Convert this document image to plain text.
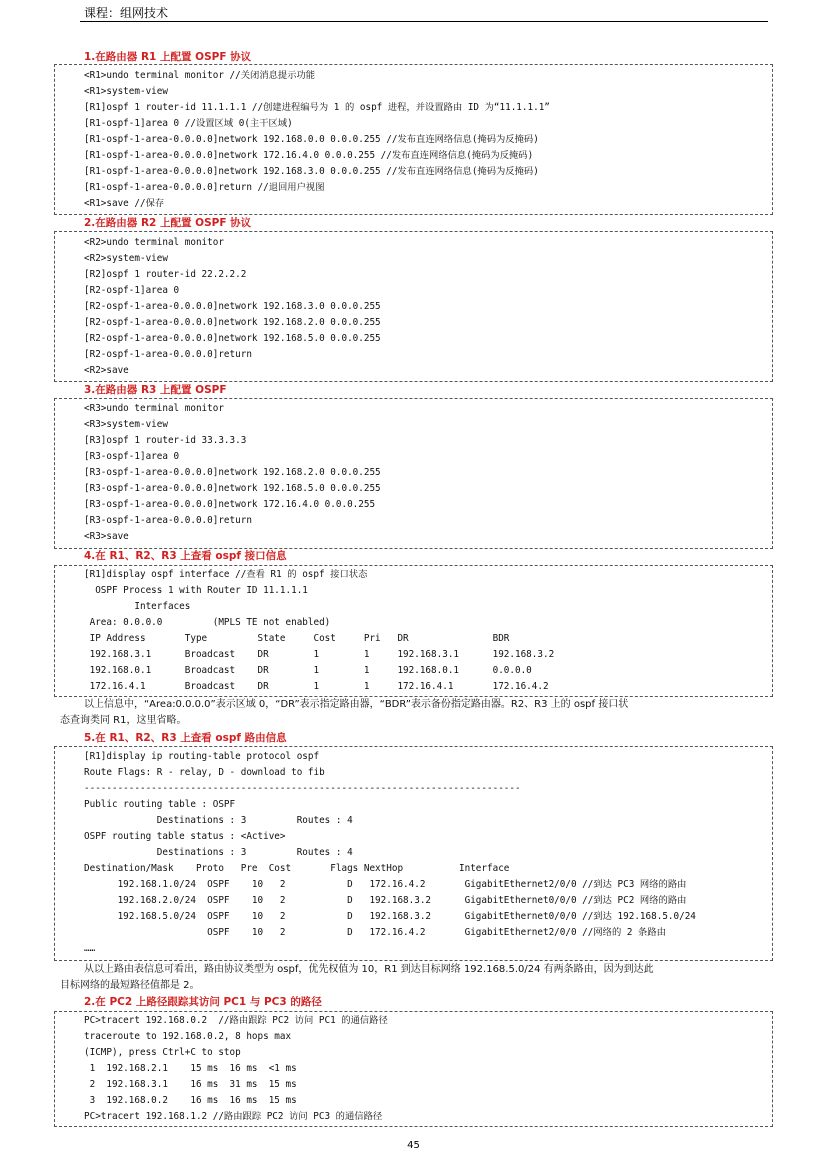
课程：组网技术
1.在路由器 R1 上配置 OSPF 协议
<R1>undo terminal monitor //关闭消息提示功能
<R1>system-view
[R1]ospf 1 router-id 11.1.1.1 //创建进程编号为 1 的 ospf 进程，并设置路由 ID 为“11.1.1.1”
[R1-ospf-1]area 0 //设置区域 0(主干区域)
[R1-ospf-1-area-0.0.0.0]network 192.168.0.0 0.0.0.255 //发布直连网络信息(掩码为反掩码)
[R1-ospf-1-area-0.0.0.0]network 172.16.4.0 0.0.0.255 //发布直连网络信息(掩码为反掩码)
[R1-ospf-1-area-0.0.0.0]network 192.168.3.0 0.0.0.255 //发布直连网络信息(掩码为反掩码)
[R1-ospf-1-area-0.0.0.0]return //退回用户视图
<R1>save //保存
2.在路由器 R2 上配置 OSPF 协议
<R2>undo terminal monitor
<R2>system-view
[R2]ospf 1 router-id 22.2.2.2
[R2-ospf-1]area 0
[R2-ospf-1-area-0.0.0.0]network 192.168.3.0 0.0.0.255
[R2-ospf-1-area-0.0.0.0]network 192.168.2.0 0.0.0.255
[R2-ospf-1-area-0.0.0.0]network 192.168.5.0 0.0.0.255
[R2-ospf-1-area-0.0.0.0]return
<R2>save
3.在路由器 R3 上配置 OSPF
<R3>undo terminal monitor
<R3>system-view
[R3]ospf 1 router-id 33.3.3.3
[R3-ospf-1]area 0
[R3-ospf-1-area-0.0.0.0]network 192.168.2.0 0.0.0.255
[R3-ospf-1-area-0.0.0.0]network 192.168.5.0 0.0.0.255
[R3-ospf-1-area-0.0.0.0]network 172.16.4.0 0.0.0.255
[R3-ospf-1-area-0.0.0.0]return
<R3>save
4.在 R1、R2、R3 上查看 ospf 接口信息
[R1]display ospf interface //查看 R1 的 ospf 接口状态
OSPF Process 1 with Router ID 11.1.1.1
Interfaces
Area: 0.0.0.0         (MPLS TE not enabled)
IP Address       Type         State     Cost     Pri   DR               BDR
192.168.3.1      Broadcast    DR        1        1     192.168.3.1      192.168.3.2
192.168.0.1      Broadcast    DR        1        1     192.168.0.1      0.0.0.0
172.16.4.1       Broadcast    DR        1        1     172.16.4.1       172.16.4.2
以上信息中，“Area:0.0.0.0”表示区域 0，“DR”表示指定路由器，“BDR”表示备份指定路由器。R2、R3 上的 ospf 接口状
态查询类同 R1，这里省略。
5.在 R1、R2、R3 上查看 ospf 路由信息
[R1]display ip routing-table protocol ospf
Route Flags: R - relay, D - download to fib
------------------------------------------------------------------------------
Public routing table : OSPF
Destinations : 3         Routes : 4
OSPF routing table status : <Active>
Destinations : 3         Routes : 4
Destination/Mask    Proto   Pre  Cost       Flags NextHop          Interface
192.168.1.0/24  OSPF    10   2           D   172.16.4.2       GigabitEthernet2/0/0 //到达 PC3 网络的路由
192.168.2.0/24  OSPF    10   2           D   192.168.3.2      GigabitEthernet0/0/0 //到达 PC2 网络的路由
192.168.5.0/24  OSPF    10   2           D   192.168.3.2      GigabitEthernet0/0/0 //到达 192.168.5.0/24
OSPF    10   2           D   172.16.4.2       GigabitEthernet2/0/0 //网络的 2 条路由
……
从以上路由表信息可看出，路由协议类型为 ospf，优先权值为 10，R1 到达目标网络 192.168.5.0/24 有两条路由，因为到达此
目标网络的最短路径值都是 2。
2.在 PC2 上路径跟踪其访问 PC1 与 PC3 的路径
PC>tracert 192.168.0.2  //路由跟踪 PC2 访问 PC1 的通信路径
traceroute to 192.168.0.2, 8 hops max
(ICMP), press Ctrl+C to stop
1  192.168.2.1    15 ms  16 ms  <1 ms
2  192.168.3.1    16 ms  31 ms  15 ms
3  192.168.0.2    16 ms  16 ms  15 ms
PC>tracert 192.168.1.2 //路由跟踪 PC2 访问 PC3 的通信路径
45
